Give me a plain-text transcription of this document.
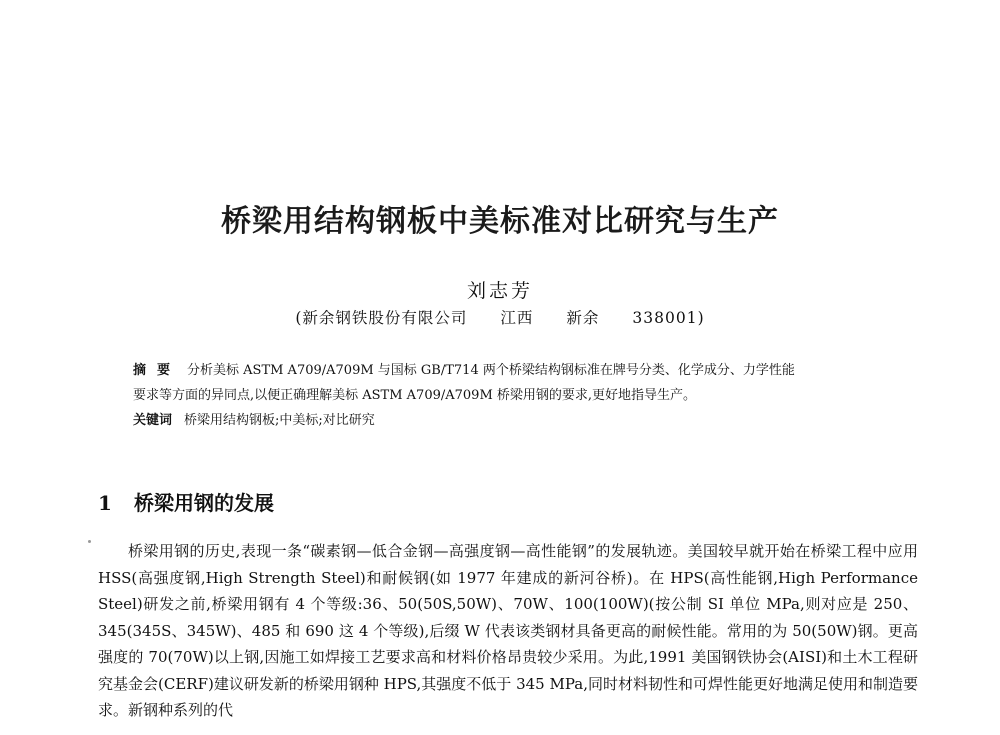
桥梁用结构钢板中美标准对比研究与生产
刘志芳
(新余钢铁股份有限公司　　江西　　新余　　338001)

摘要 分析美标 ASTM A709/A709M 与国标 GB/T714 两个桥梁结构钢标准在牌号分类、化学成分、力学性能

要求等方面的异同点,以便正确理解美标 ASTM A709/A709M 桥梁用钢的要求,更好地指导生产。

关键词 桥梁用结构钢板;中美标;对比研究

1 桥梁用钢的发展

桥梁用钢的历史,表现一条“碳素钢—低合金钢—高强度钢—高性能钢”的发展轨迹。美国较早就开始在桥梁工程中应用 HSS(高强度钢,High Strength Steel)和耐候钢(如 1977 年建成的新河谷桥)。在 HPS(高性能钢,High Performance Steel)研发之前,桥梁用钢有 4 个等级:36、50(50S,50W)、70W、100(100W)(按公制 SI 单位 MPa,则对应是 250、345(345S、345W)、485 和 690 这 4 个等级),后缀 W 代表该类钢材具备更高的耐候性能。常用的为 50(50W)钢。更高强度的 70(70W)以上钢,因施工如焊接工艺要求高和材料价格昂贵较少采用。为此,1991 美国钢铁协会(AISI)和土木工程研究基金会(CERF)建议研发新的桥梁用钢种 HPS,其强度不低于 345 MPa,同时材料韧性和可焊性能更好地满足使用和制造要求。新钢种系列的代
